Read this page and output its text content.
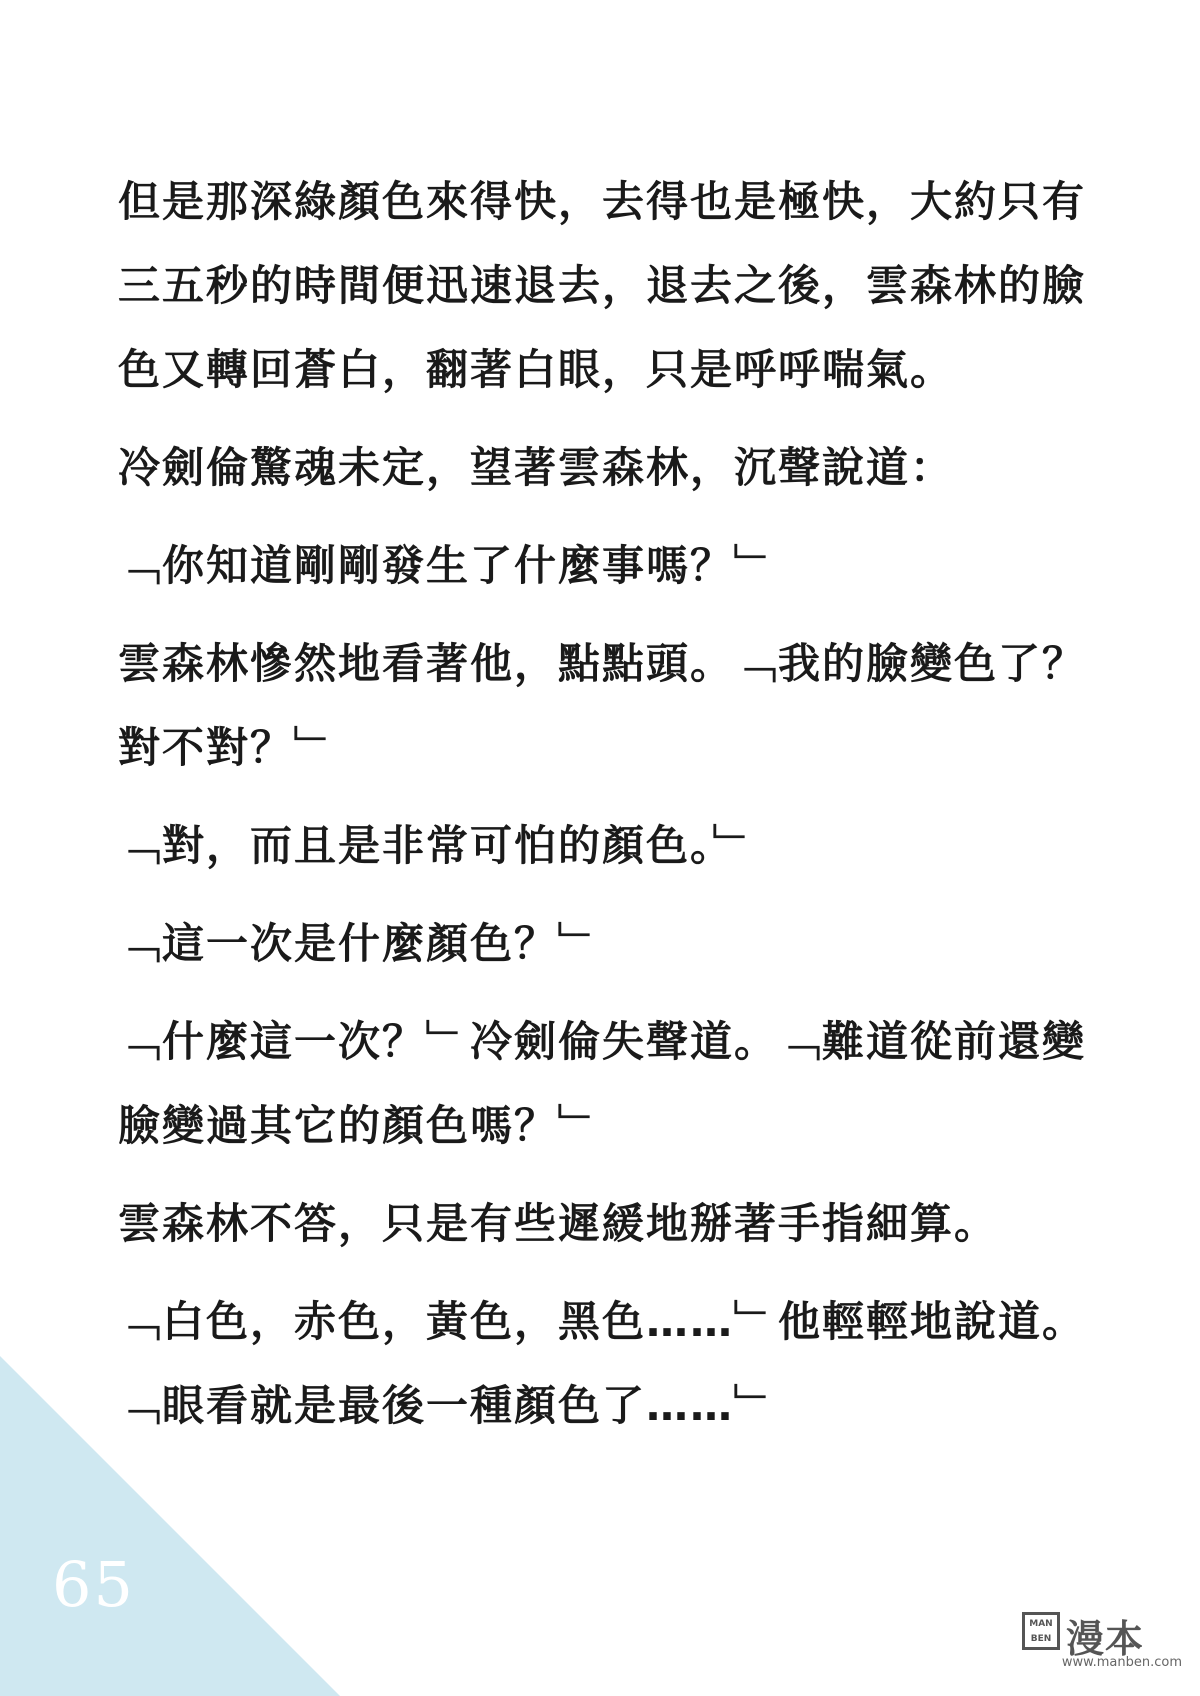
65

但是那深綠顏色來得快，去得也是極快，大約只有三五秒的時間便迅速退去，退去之後，雲森林的臉色又轉回蒼白，翻著白眼，只是呼呼喘氣。

冷劍倫驚魂未定，望著雲森林，沉聲說道：

﹁你知道剛剛發生了什麼事嗎？﹂

雲森林慘然地看著他，點點頭。﹁我的臉變色了？對不對？﹂

﹁對，而且是非常可怕的顏色。﹂

﹁這一次是什麼顏色？﹂

﹁什麼這一次？﹂冷劍倫失聲道。﹁難道從前還變臉變過其它的顏色嗎？﹂

雲森林不答，只是有些遲緩地掰著手指細算。

﹁白色，赤色，黃色，黑色……﹂他輕輕地說道。﹁眼看就是最後一種顏色了……﹂

MAN BEN 漫本
www.manben.com
